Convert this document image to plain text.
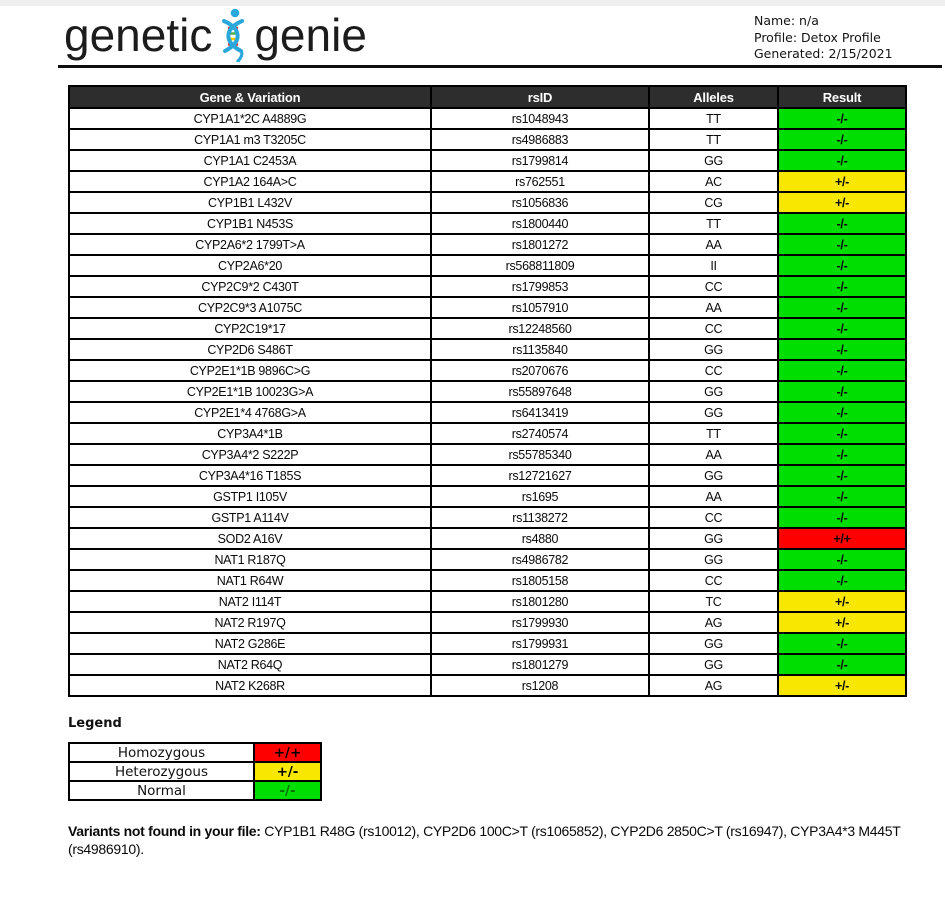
genetic genie	Name: n/a
Profile: Detox Profile
Generated: 2/15/2021
Gene & Variation	rsID	Alleles	Result
CYP1A1*2C A4889G	rs1048943	TT	-/-
CYP1A1 m3 T3205C	rs4986883	TT	-/-
CYP1A1 C2453A	rs1799814	GG	-/-
CYP1A2 164A>C	rs762551	AC	+/-
CYP1B1 L432V	rs1056836	CG	+/-
CYP1B1 N453S	rs1800440	TT	-/-
CYP2A6*2 1799T>A	rs1801272	AA	-/-
CYP2A6*20	rs568811809	II	-/-
CYP2C9*2 C430T	rs1799853	CC	-/-
CYP2C9*3 A1075C	rs1057910	AA	-/-
CYP2C19*17	rs12248560	CC	-/-
CYP2D6 S486T	rs1135840	GG	-/-
CYP2E1*1B 9896C>G	rs2070676	CC	-/-
CYP2E1*1B 10023G>A	rs55897648	GG	-/-
CYP2E1*4 4768G>A	rs6413419	GG	-/-
CYP3A4*1B	rs2740574	TT	-/-
CYP3A4*2 S222P	rs55785340	AA	-/-
CYP3A4*16 T185S	rs12721627	GG	-/-
GSTP1 I105V	rs1695	AA	-/-
GSTP1 A114V	rs1138272	CC	-/-
SOD2 A16V	rs4880	GG	+/+
NAT1 R187Q	rs4986782	GG	-/-
NAT1 R64W	rs1805158	CC	-/-
NAT2 I114T	rs1801280	TC	+/-
NAT2 R197Q	rs1799930	AG	+/-
NAT2 G286E	rs1799931	GG	-/-
NAT2 R64Q	rs1801279	GG	-/-
NAT2 K268R	rs1208	AG	+/-
Legend
Homozygous	+/+
Heterozygous	+/-
Normal	-/-
Variants not found in your file: CYP1B1 R48G (rs10012), CYP2D6 100C>T (rs1065852), CYP2D6 2850C>T (rs16947), CYP3A4*3 M445T (rs4986910).
